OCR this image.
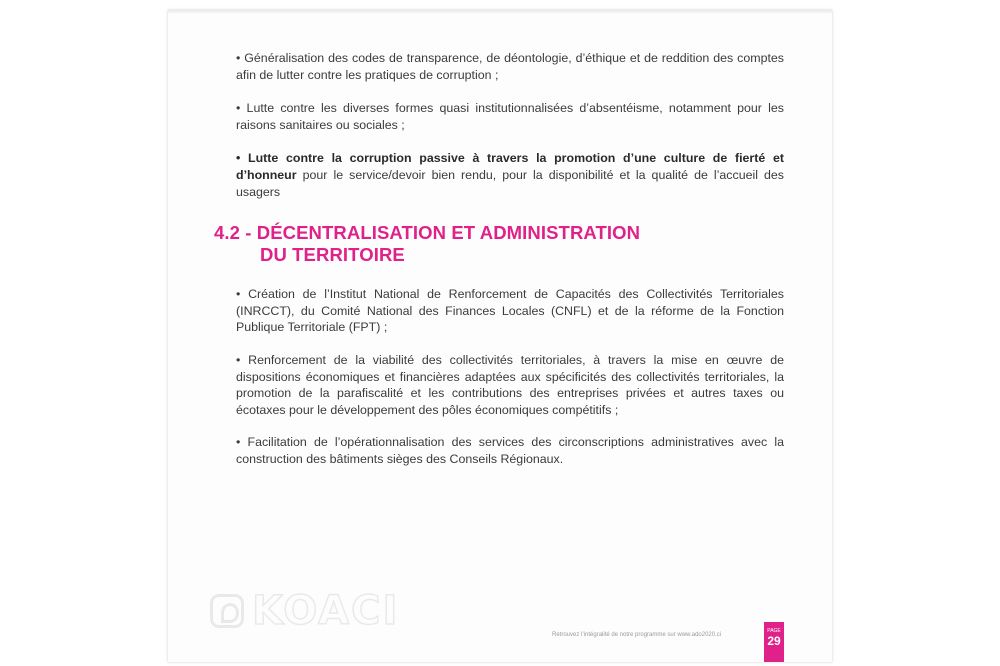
• Généralisation des codes de transparence, de déontologie, d’éthique et de reddition des comptes afin de lutter contre les pratiques de corruption ;

• Lutte contre les diverses formes quasi institutionnalisées d’absentéisme, notamment pour les raisons sanitaires ou sociales ;

• Lutte contre la corruption passive à travers la promotion d’une culture de fierté et d’honneur pour le service/devoir bien rendu, pour la disponibilité et la qualité de l’accueil des usagers

4.2 - DÉCENTRALISATION ET ADMINISTRATION
DU TERRITOIRE

• Création de l’Institut National de Renforcement de Capacités des Collectivités Territoriales (INRCCT), du Comité National des Finances Locales (CNFL) et de la réforme de la Fonction Publique Territoriale (FPT) ;

• Renforcement de la viabilité des collectivités territoriales, à travers la mise en œuvre de dispositions économiques et financières adaptées aux spécificités des collectivités territoriales, la promotion de la parafiscalité et les contributions des entreprises privées et autres taxes ou écotaxes pour le développement des pôles économiques compétitifs ;

• Facilitation de l’opérationnalisation des services des circonscriptions administratives avec la construction des bâtiments sièges des Conseils Régionaux.

Retrouvez l’intégralité de notre programme sur www.ado2020.ci
PAGE
29
KOACI
